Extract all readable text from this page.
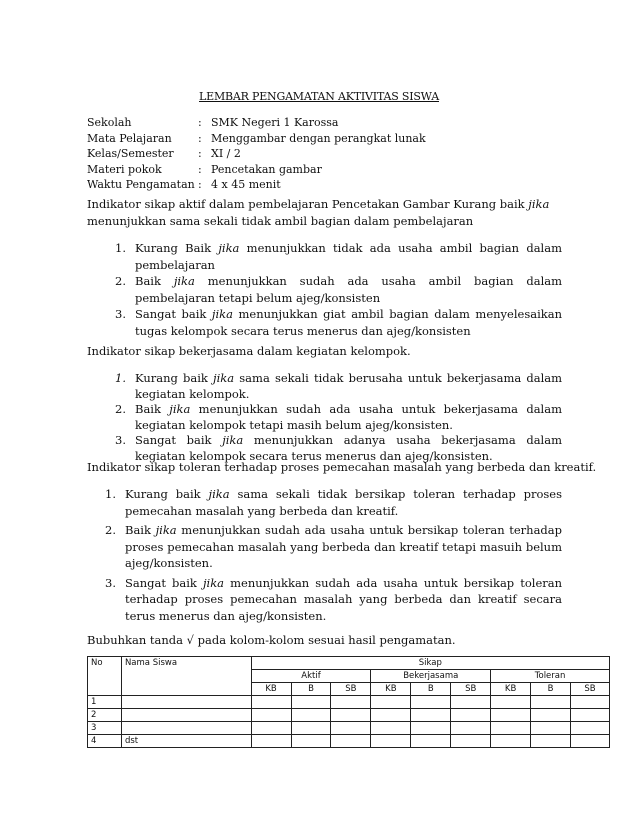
LEMBAR PENGAMATAN AKTIVITAS SISWA
Sekolah	: SMK Negeri 1 Karossa
Mata Pelajaran	: Menggambar dengan perangkat lunak
Kelas/Semester	: XI / 2
Materi pokok	: Pencetakan gambar
Waktu Pengamatan : 4 x 45 menit
Indikator sikap aktif dalam pembelajaran Pencetakan Gambar Kurang baik jika menunjukkan sama sekali tidak ambil bagian dalam pembelajaran
1. Kurang Baik jika menunjukkan tidak ada usaha ambil bagian dalam pembelajaran
2. Baik jika menunjukkan sudah ada usaha ambil bagian dalam pembelajaran tetapi belum ajeg/konsisten
3. Sangat baik jika menunjukkan giat ambil bagian dalam menyelesaikan tugas kelompok secara terus menerus dan ajeg/konsisten
Indikator sikap bekerjasama dalam kegiatan kelompok.
1. Kurang baik jika sama sekali tidak berusaha untuk bekerjasama dalam kegiatan kelompok.
2. Baik jika menunjukkan sudah ada usaha untuk bekerjasama dalam kegiatan kelompok tetapi masih belum ajeg/konsisten.
3. Sangat baik jika menunjukkan adanya usaha bekerjasama dalam kegiatan kelompok secara terus menerus dan ajeg/konsisten.
Indikator sikap toleran terhadap proses pemecahan masalah yang berbeda dan kreatif.
1. Kurang baik jika sama sekali tidak bersikap toleran terhadap proses pemecahan masalah yang berbeda dan kreatif.
2. Baik jika menunjukkan sudah ada usaha untuk bersikap toleran terhadap proses pemecahan masalah yang berbeda dan kreatif tetapi masuih belum ajeg/konsisten.
3. Sangat baik jika menunjukkan sudah ada usaha untuk bersikap toleran terhadap proses pemecahan masalah yang berbeda dan kreatif secara terus menerus dan ajeg/konsisten.
Bubuhkan tanda √ pada kolom-kolom sesuai hasil pengamatan.
No	Nama Siswa	Sikap								
		Aktif			Bekerjasama			Toleran		
		KB	B	SB	KB	B	SB	KB	B	SB
1										
2										
3										
4	dst									
